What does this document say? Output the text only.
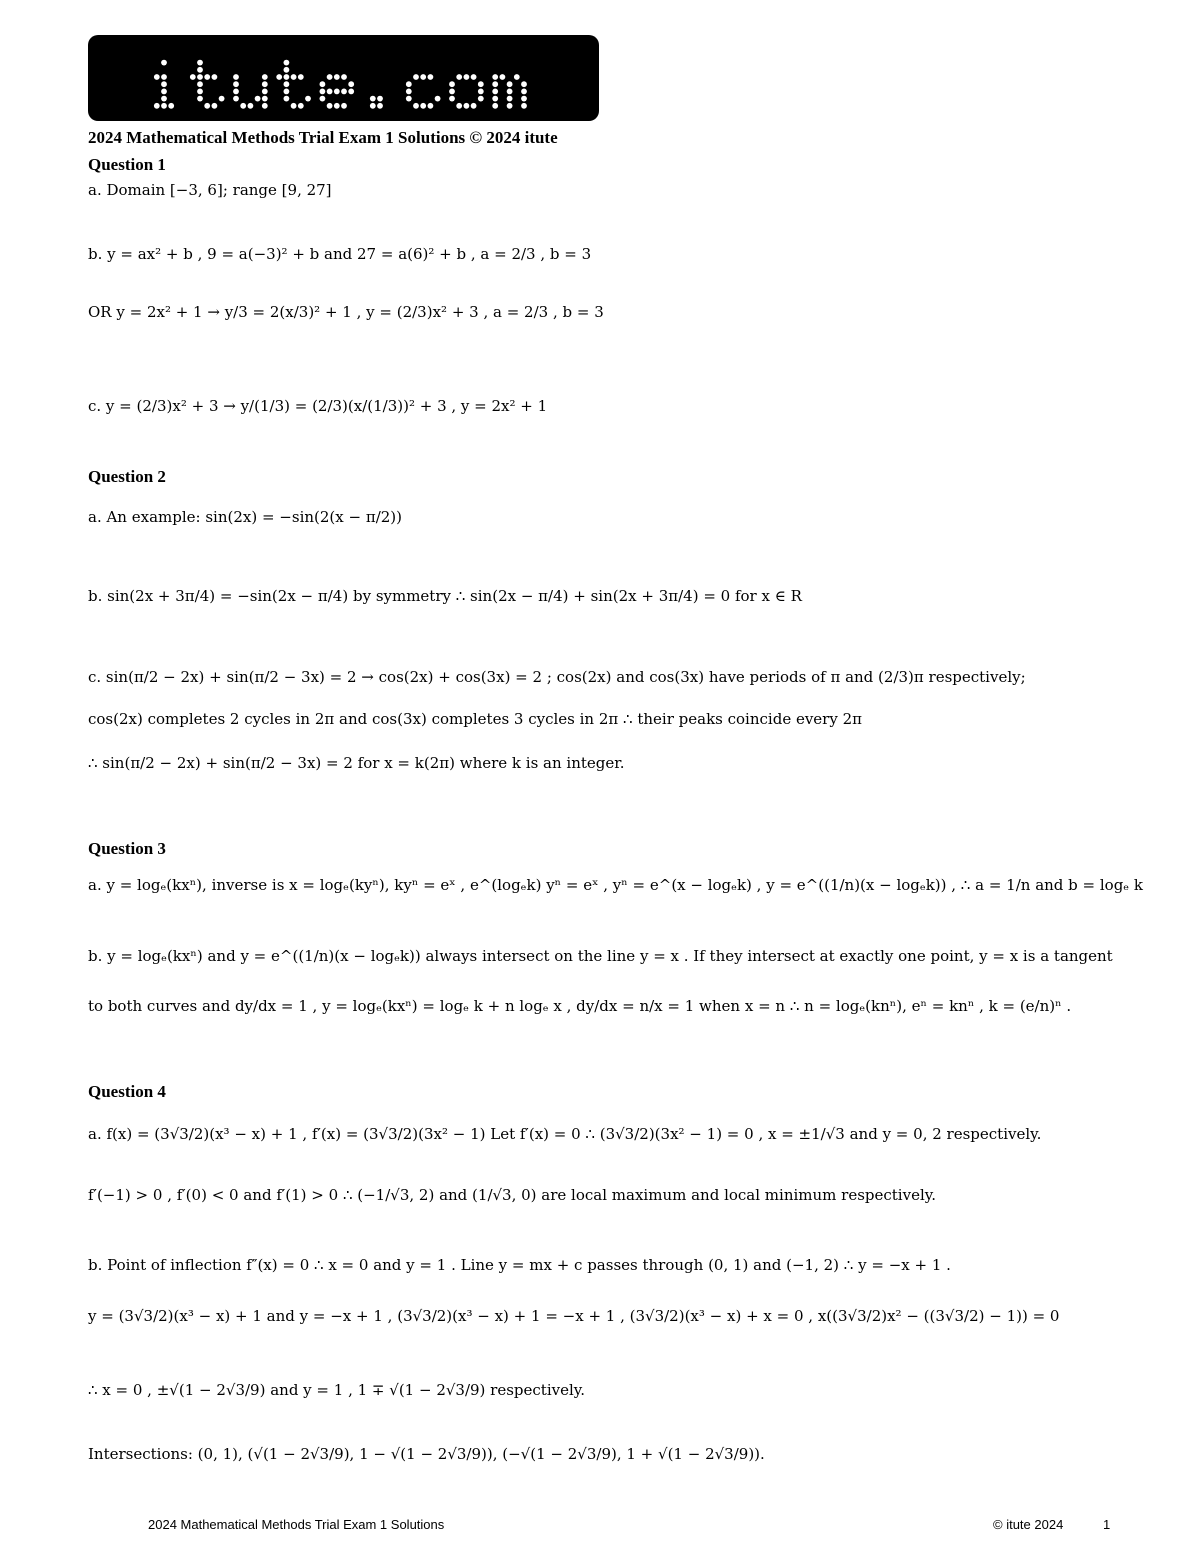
2024 Mathematical Methods Trial Exam 1 Solutions © 2024 itute
Question 1
a. Domain [−3, 6]; range [9, 27]
b. y = ax² + b , 9 = a(−3)² + b and 27 = a(6)² + b , a = 2/3 , b = 3
OR y = 2x² + 1 → y/3 = 2(x/3)² + 1 , y = (2/3)x² + 3 , a = 2/3 , b = 3
c. y = (2/3)x² + 3 → y/(1/3) = (2/3)(x/(1/3))² + 3 , y = 2x² + 1
Question 2
a. An example: sin(2x) = −sin(2(x − π/2))
b. sin(2x + 3π/4) = −sin(2x − π/4) by symmetry ∴ sin(2x − π/4) + sin(2x + 3π/4) = 0 for x ∈ R
c. sin(π/2 − 2x) + sin(π/2 − 3x) = 2 → cos(2x) + cos(3x) = 2 ; cos(2x) and cos(3x) have periods of π and (2/3)π respectively;
cos(2x) completes 2 cycles in 2π and cos(3x) completes 3 cycles in 2π ∴ their peaks coincide every 2π
∴ sin(π/2 − 2x) + sin(π/2 − 3x) = 2 for x = k(2π) where k is an integer.
Question 3
a. y = logₑ(kxⁿ), inverse is x = logₑ(kyⁿ), kyⁿ = eˣ , e^(logₑk) yⁿ = eˣ , yⁿ = e^(x − logₑk) , y = e^((1/n)(x − logₑk)) , ∴ a = 1/n and b = logₑ k
b. y = logₑ(kxⁿ) and y = e^((1/n)(x − logₑk)) always intersect on the line y = x . If they intersect at exactly one point, y = x is a tangent
to both curves and dy/dx = 1 , y = logₑ(kxⁿ) = logₑ k + n logₑ x , dy/dx = n/x = 1 when x = n ∴ n = logₑ(knⁿ), eⁿ = knⁿ , k = (e/n)ⁿ .
Question 4
a. f(x) = (3√3/2)(x³ − x) + 1 , f′(x) = (3√3/2)(3x² − 1) Let f′(x) = 0 ∴ (3√3/2)(3x² − 1) = 0 , x = ±1/√3 and y = 0, 2 respectively.
f′(−1) > 0 , f′(0) < 0 and f′(1) > 0 ∴ (−1/√3, 2) and (1/√3, 0) are local maximum and local minimum respectively.
b. Point of inflection f″(x) = 0 ∴ x = 0 and y = 1 . Line y = mx + c passes through (0, 1) and (−1, 2) ∴ y = −x + 1 .
y = (3√3/2)(x³ − x) + 1 and y = −x + 1 , (3√3/2)(x³ − x) + 1 = −x + 1 , (3√3/2)(x³ − x) + x = 0 , x((3√3/2)x² − ((3√3/2) − 1)) = 0
∴ x = 0 , ±√(1 − 2√3/9) and y = 1 , 1 ∓ √(1 − 2√3/9) respectively.
Intersections: (0, 1), (√(1 − 2√3/9), 1 − √(1 − 2√3/9)), (−√(1 − 2√3/9), 1 + √(1 − 2√3/9)).
2024 Mathematical Methods Trial Exam 1 Solutions	© itute 2024	1
